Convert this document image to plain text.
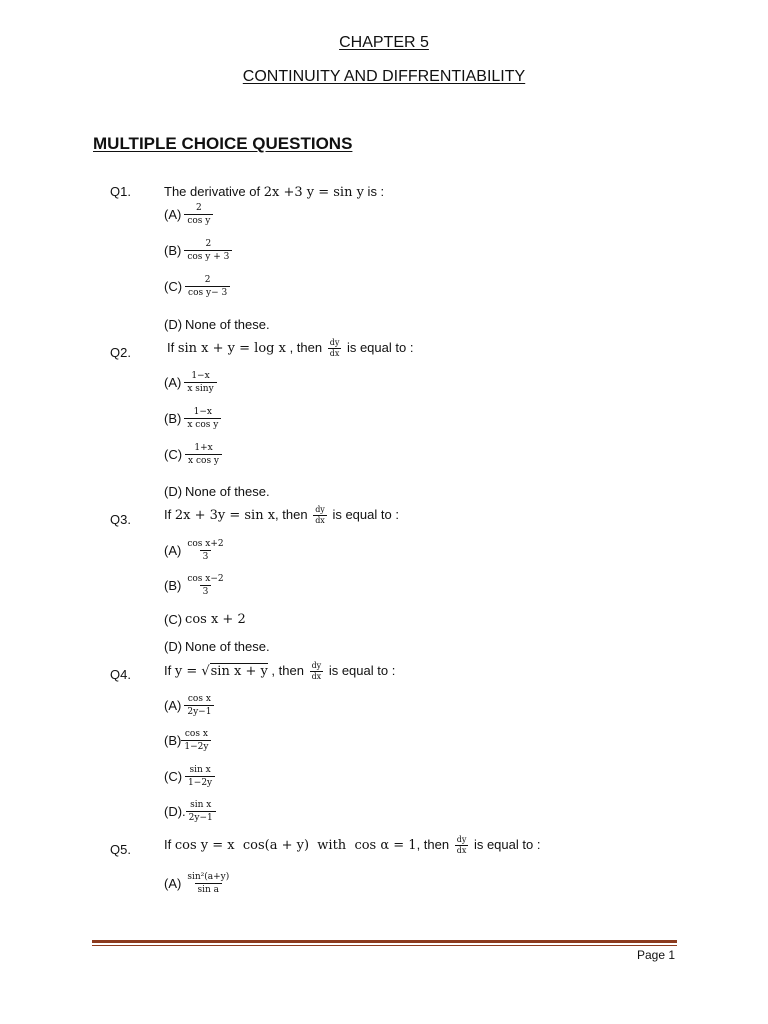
CHAPTER 5
CONTINUITY AND DIFFRENTIABILITY
MULTIPLE CHOICE QUESTIONS
Q1.	The derivative of 2x +3 y = sin y is :
$(A) \frac{2}{\text{cos y}}$
$(B) \frac{2}{\text{cos y + 3}}$
$(C) \frac{2}{\text{cos y− 3}}$
(D) None of these.
Q2.	If sin x + y = log x , then $\frac{dy}{dx}$ is equal to :
$(A) \frac{1-x}{\text{x siny}}$
$(B) \frac{1-x}{\text{x cos y}}$
$(C) \frac{1+x}{\text{x cos y}}$
(D) None of these.
Q3.	If 2x + 3y = sin x, then $\frac{dy}{dx}$ is equal to :
$(A) \frac{\text{cos x+2}}{3}$
$(B) \frac{\text{cos x−2}}{3}$
(C) cos x + 2
(D) None of these.
Q4.	If y = √sin x + y , then $\frac{dy}{dx}$ is equal to :
$(A) \frac{\text{cos x}}{2y-1}$
$(B) \frac{\text{cos x}}{1-2y}$
$(C) \frac{\text{sin x}}{1-2y}$
(D). $\frac{\text{sin x}}{2y-1}$
Q5.	If cos y = x  cos(a + y)  with  cos α = 1, then $\frac{dy}{dx}$ is equal to :
$(A) \frac{\text{sin²(a+y)}}{\text{sin a}}$
Page 1
